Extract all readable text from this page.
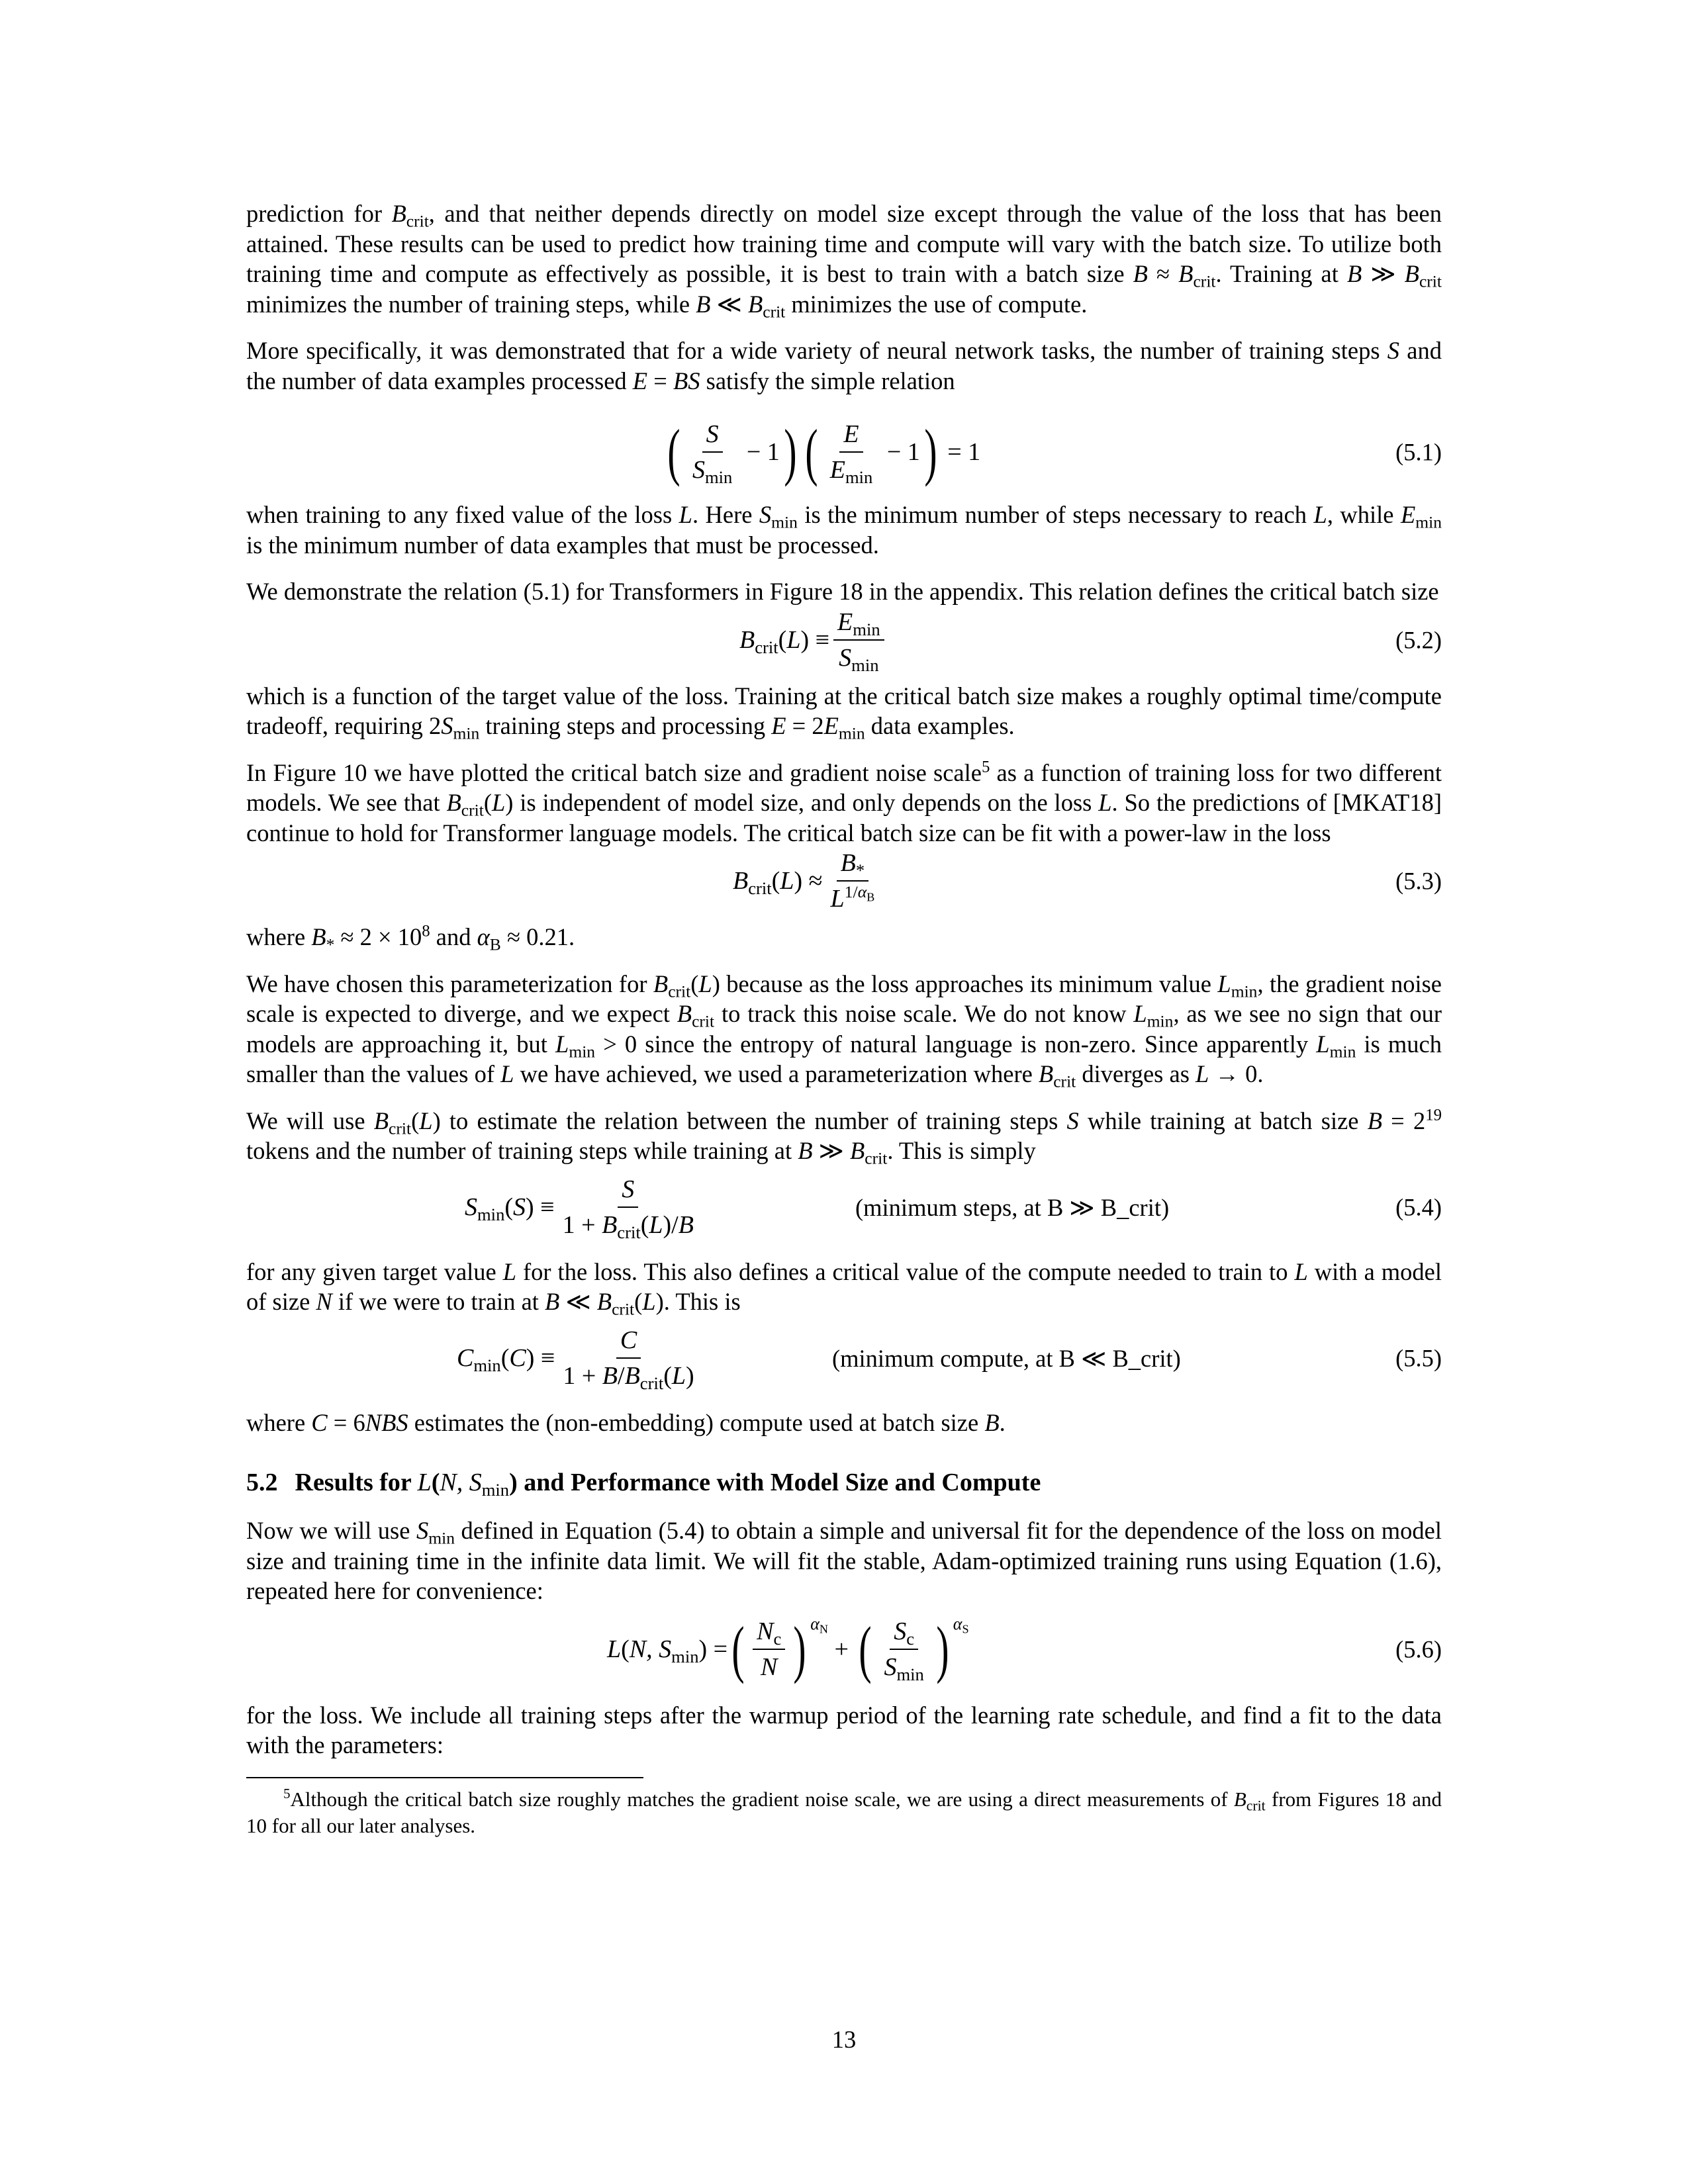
prediction for $B_{crit}$, and that neither depends directly on model size except through the value of the loss that has been attained. These results can be used to predict how training time and compute will vary with the batch size. To utilize both training time and compute as effectively as possible, it is best to train with a batch size $B \approx B_{crit}$. Training at B ≫ $B_{crit}$ minimizes the number of training steps, while B ≪ $B_{crit}$ minimizes the use of compute.

More specifically, it was demonstrated that for a wide variety of neural network tasks, the number of training steps S and the number of data examples processed E = BS satisfy the simple relation

( $\frac{S}{S_{min}} - 1$ ) ( $\frac{E}{E_{min}} - 1$ ) = 1	(5.1)

when training to any fixed value of the loss L. Here $S_{min}$ is the minimum number of steps necessary to reach L, while $E_{min}$ is the minimum number of data examples that must be processed.

We demonstrate the relation (5.1) for Transformers in Figure 18 in the appendix. This relation defines the critical batch size

$B_{crit}(L) \equiv \frac{E_{min}}{S_{min}}$	(5.2)

which is a function of the target value of the loss. Training at the critical batch size makes a roughly optimal time/compute tradeoff, requiring $2S_{min}$ training steps and processing $E = 2E_{min}$ data examples.

In Figure 10 we have plotted the critical batch size and gradient noise scale$^5$ as a function of training loss for two different models. We see that $B_{crit}(L)$ is independent of model size, and only depends on the loss L. So the predictions of [MKAT18] continue to hold for Transformer language models. The critical batch size can be fit with a power-law in the loss

$B_{crit}(L) \approx \frac{B_*}{L^{1/\alpha_B}}$	(5.3)

where $B_* \approx 2 \times 10^8$ and $\alpha_B \approx 0.21$.

We have chosen this parameterization for $B_{crit}(L)$ because as the loss approaches its minimum value $L_{min}$, the gradient noise scale is expected to diverge, and we expect $B_{crit}$ to track this noise scale. We do not know $L_{min}$, as we see no sign that our models are approaching it, but $L_{min} > 0$ since the entropy of natural language is non-zero. Since apparently $L_{min}$ is much smaller than the values of L we have achieved, we used a parameterization where $B_{crit}$ diverges as L → 0.

We will use $B_{crit}(L)$ to estimate the relation between the number of training steps S while training at batch size $B = 2^{19}$ tokens and the number of training steps while training at B ≫ $B_{crit}$. This is simply

$S_{min}(S) \equiv \frac{S}{1 + B_{crit}(L)/B}$	(minimum steps, at B ≫ B_crit)	(5.4)

for any given target value L for the loss. This also defines a critical value of the compute needed to train to L with a model of size N if we were to train at B ≪ $B_{crit}(L)$. This is

$C_{min}(C) \equiv \frac{C}{1 + B/B_{crit}(L)}$	(minimum compute, at B ≪ B_crit)	(5.5)

where C = 6NBS estimates the (non-embedding) compute used at batch size B.

5.2 Results for L(N, $S_{min}$) and Performance with Model Size and Compute

Now we will use $S_{min}$ defined in Equation (5.4) to obtain a simple and universal fit for the dependence of the loss on model size and training time in the infinite data limit. We will fit the stable, Adam-optimized training runs using Equation (1.6), repeated here for convenience:

L(N, $S_{min}$) = ( $\frac{N_c}{N}$ ) $\alpha_N$
+ ( $\frac{S_c}{S_{min}}$ ) $\alpha_S$
(5.6)

for the loss. We include all training steps after the warmup period of the learning rate schedule, and find a fit to the data with the parameters:

$^5$Although the critical batch size roughly matches the gradient noise scale, we are using a direct measurements of $B_{crit}$ from Figures 18 and 10 for all our later analyses.

13
